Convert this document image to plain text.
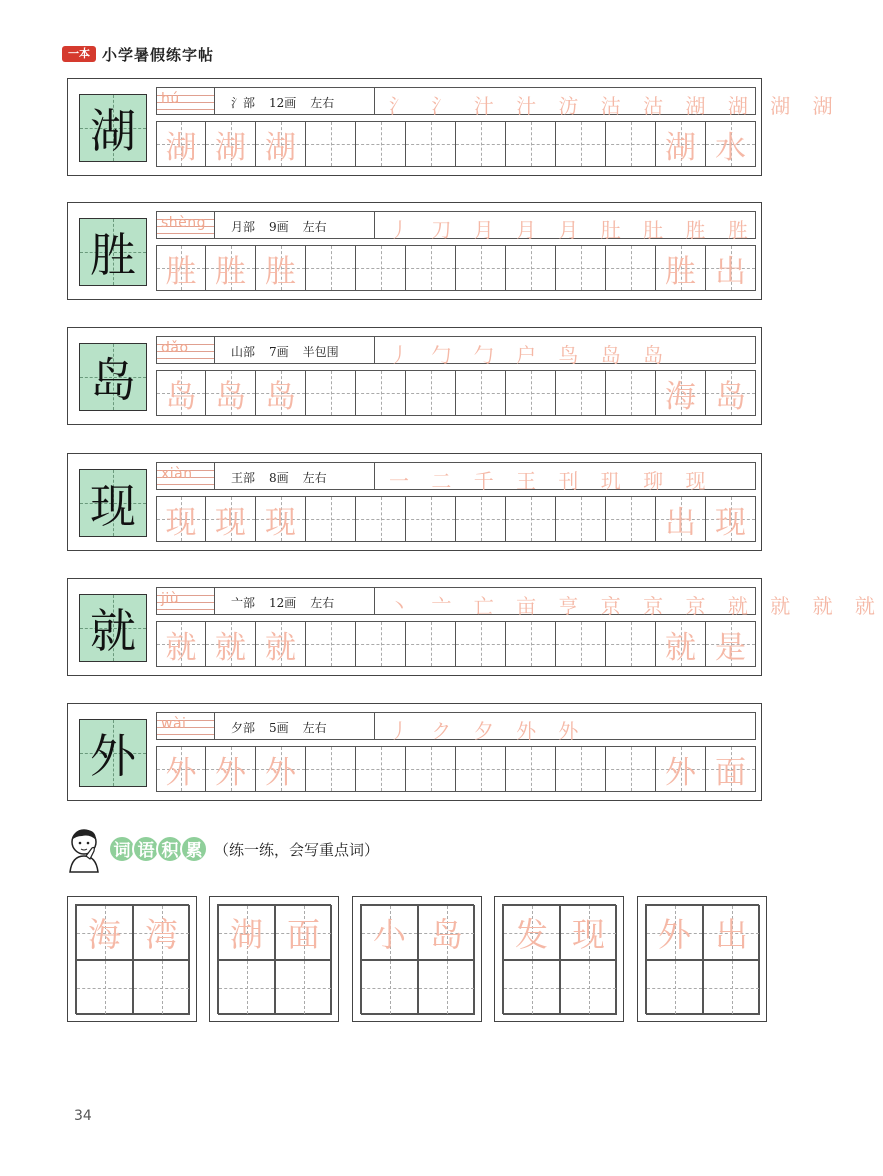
一本 小学暑假练字帖
湖
hú	氵部 12画 左右	氵 氵 汁 汁 汸 沽 沽 湖 湖 湖 湖
湖 湖 湖	湖 水
胜
shèng 月部 9画 左右	丿 刀 月 月 月 肚 肚 胜 胜
胜 胜 胜	胜 出
岛
dǎo	山部 7画 半包围	丿 勹 勹 户 鸟 岛 岛
岛 岛 岛	海 岛
现
xiàn	王部 8画 左右	一 二 千 王 刊 玑 珋 现
现 现 现	出 现
就
jiù	亠部 12画 左右	丶 亠 亡 亩 亨 京 京 京 就 就 就 就
就 就 就	就 是
外
wài	夕部 5画 左右	丿 ク 夕 外 外
外 外 外	外 面
词 语 积 累 （练一练，会写重点词）
海 湾	湖 面	小 岛	发 现	外 出
34
